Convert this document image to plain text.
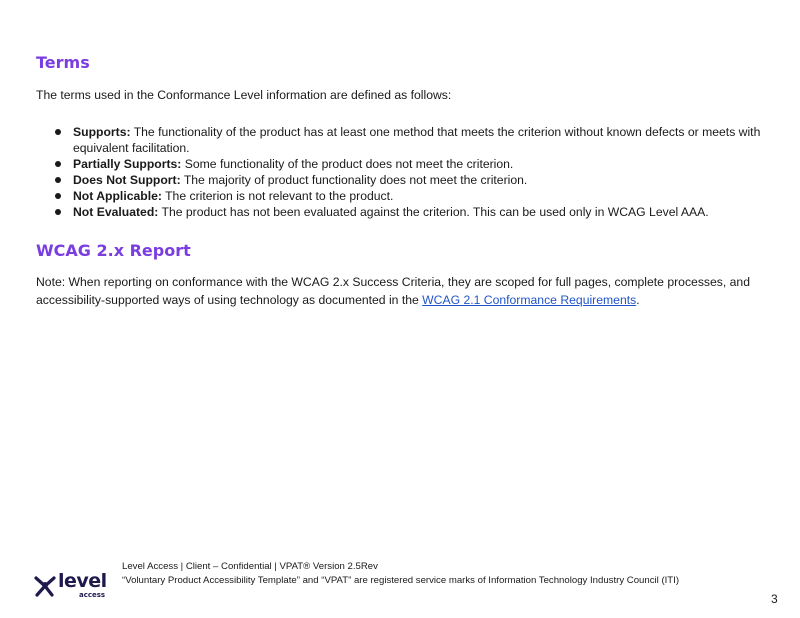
Terms

The terms used in the Conformance Level information are defined as follows:

Supports: The functionality of the product has at least one method that meets the criterion without known defects or meets with equivalent facilitation.
Partially Supports: Some functionality of the product does not meet the criterion.
Does Not Support: The majority of product functionality does not meet the criterion.
Not Applicable: The criterion is not relevant to the product.
Not Evaluated: The product has not been evaluated against the criterion. This can be used only in WCAG Level AAA.
WCAG 2.x Report

Note: When reporting on conformance with the WCAG 2.x Success Criteria, they are scoped for full pages, complete processes, and accessibility-supported ways of using technology as documented in the WCAG 2.1 Conformance Requirements.

level
access
Level Access | Client – Confidential | VPAT® Version 2.5Rev
“Voluntary Product Accessibility Template” and “VPAT” are registered service marks of Information Technology Industry Council (ITI)
3
